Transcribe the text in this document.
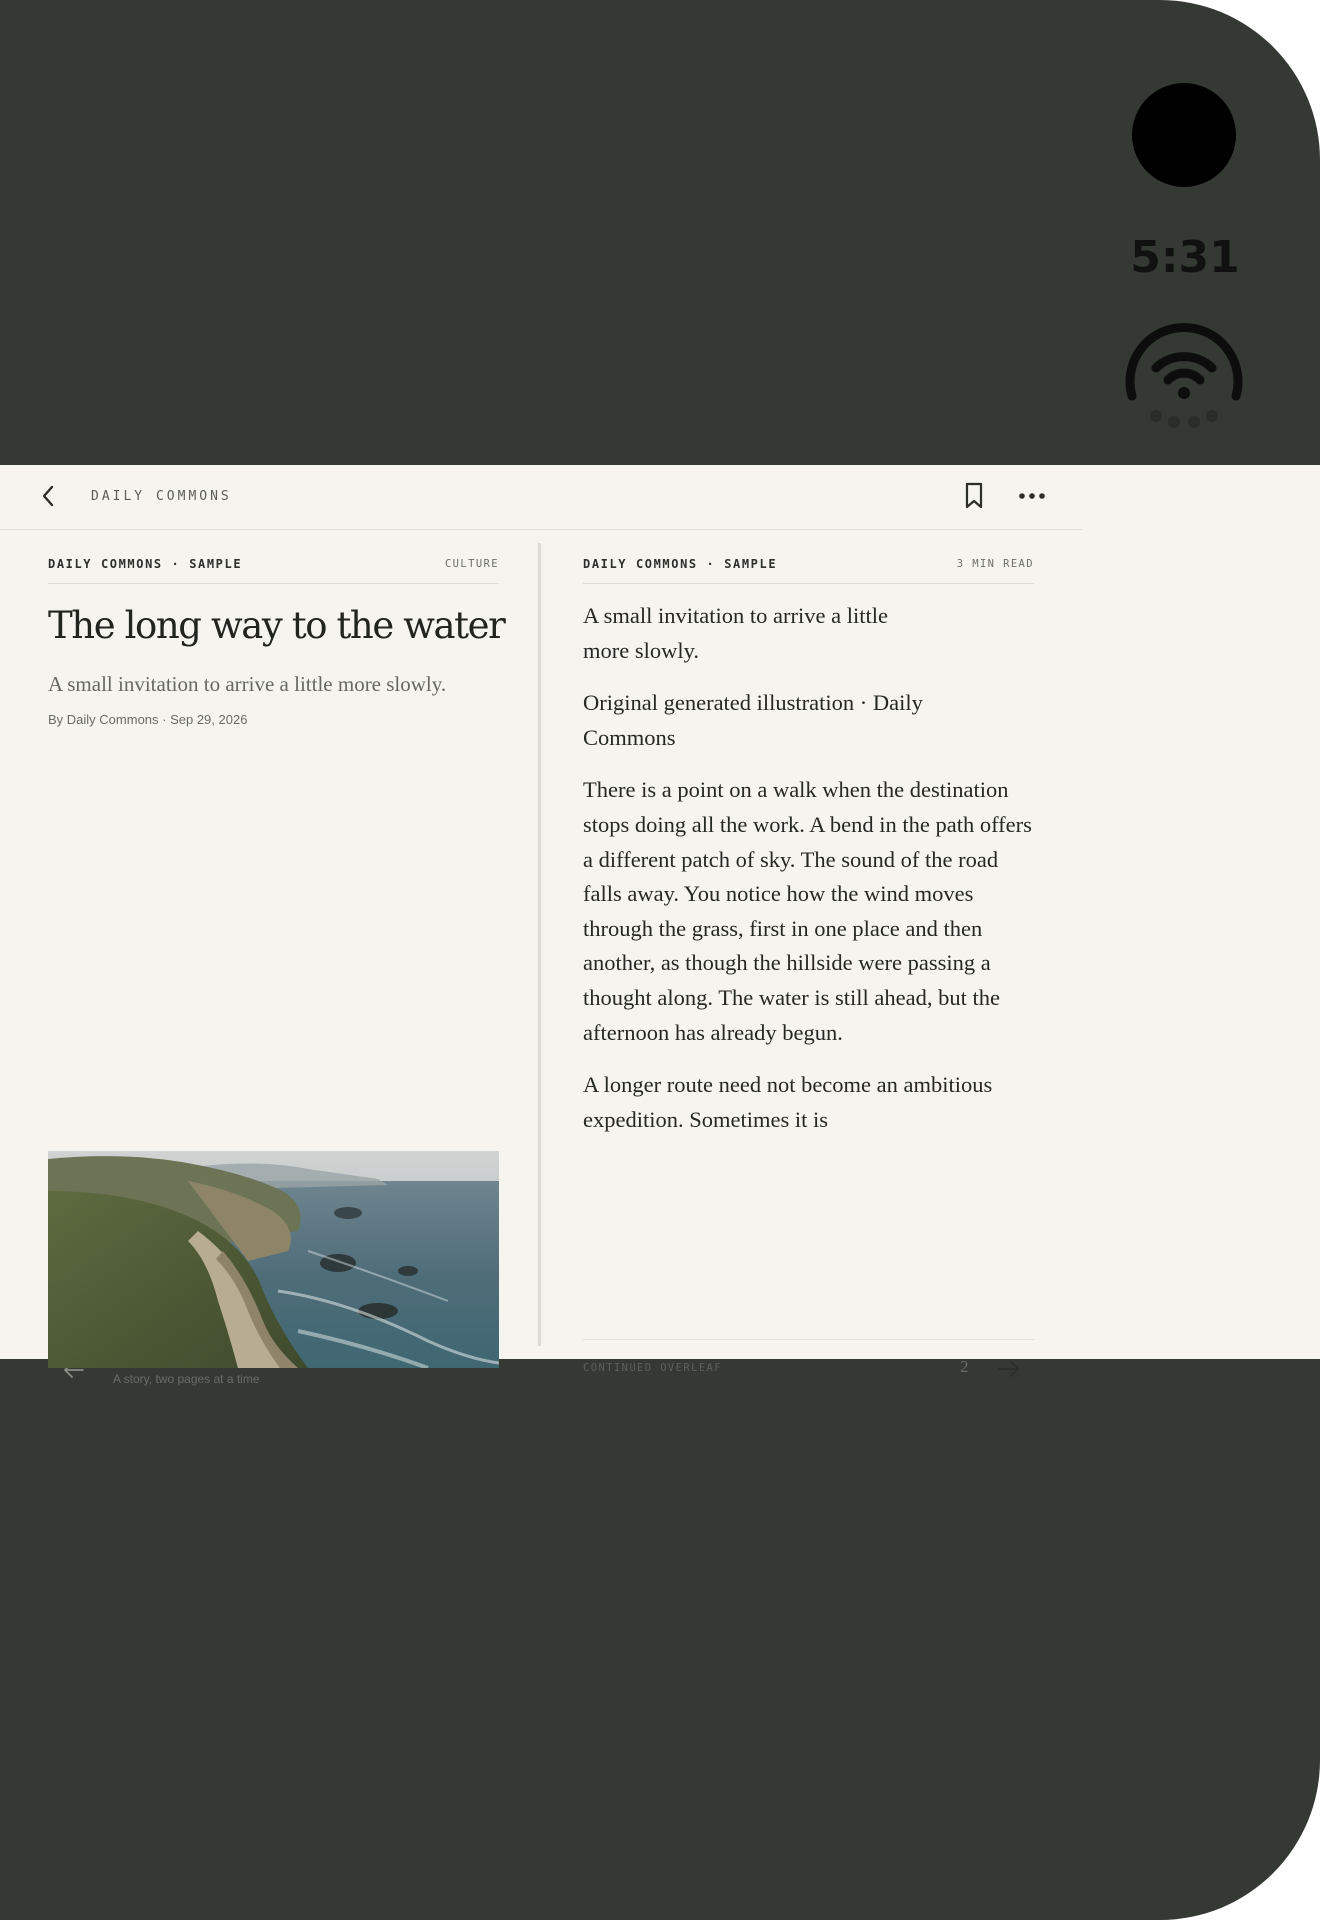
5:31
DAILY COMMONS
DAILY COMMONS · SAMPLE	CULTURE
The long way to the water
A small invitation to arrive a little more slowly.
By Daily Commons · Sep 29, 2026
A story, two pages at a time
DAILY COMMONS · SAMPLE	3 MIN READ

A small invitation to arrive a little more slowly.

Original generated illustration · Daily Commons

There is a point on a walk when the destination stops doing all the work. A bend in the path offers a different patch of sky. The sound of the road falls away. You notice how the wind moves through the grass, first in one place and then another, as though the hillside were passing a thought along. The water is still ahead, but the afternoon has already begun.

A longer route need not become an ambitious expedition. Sometimes it is

CONTINUED OVERLEAF	2
